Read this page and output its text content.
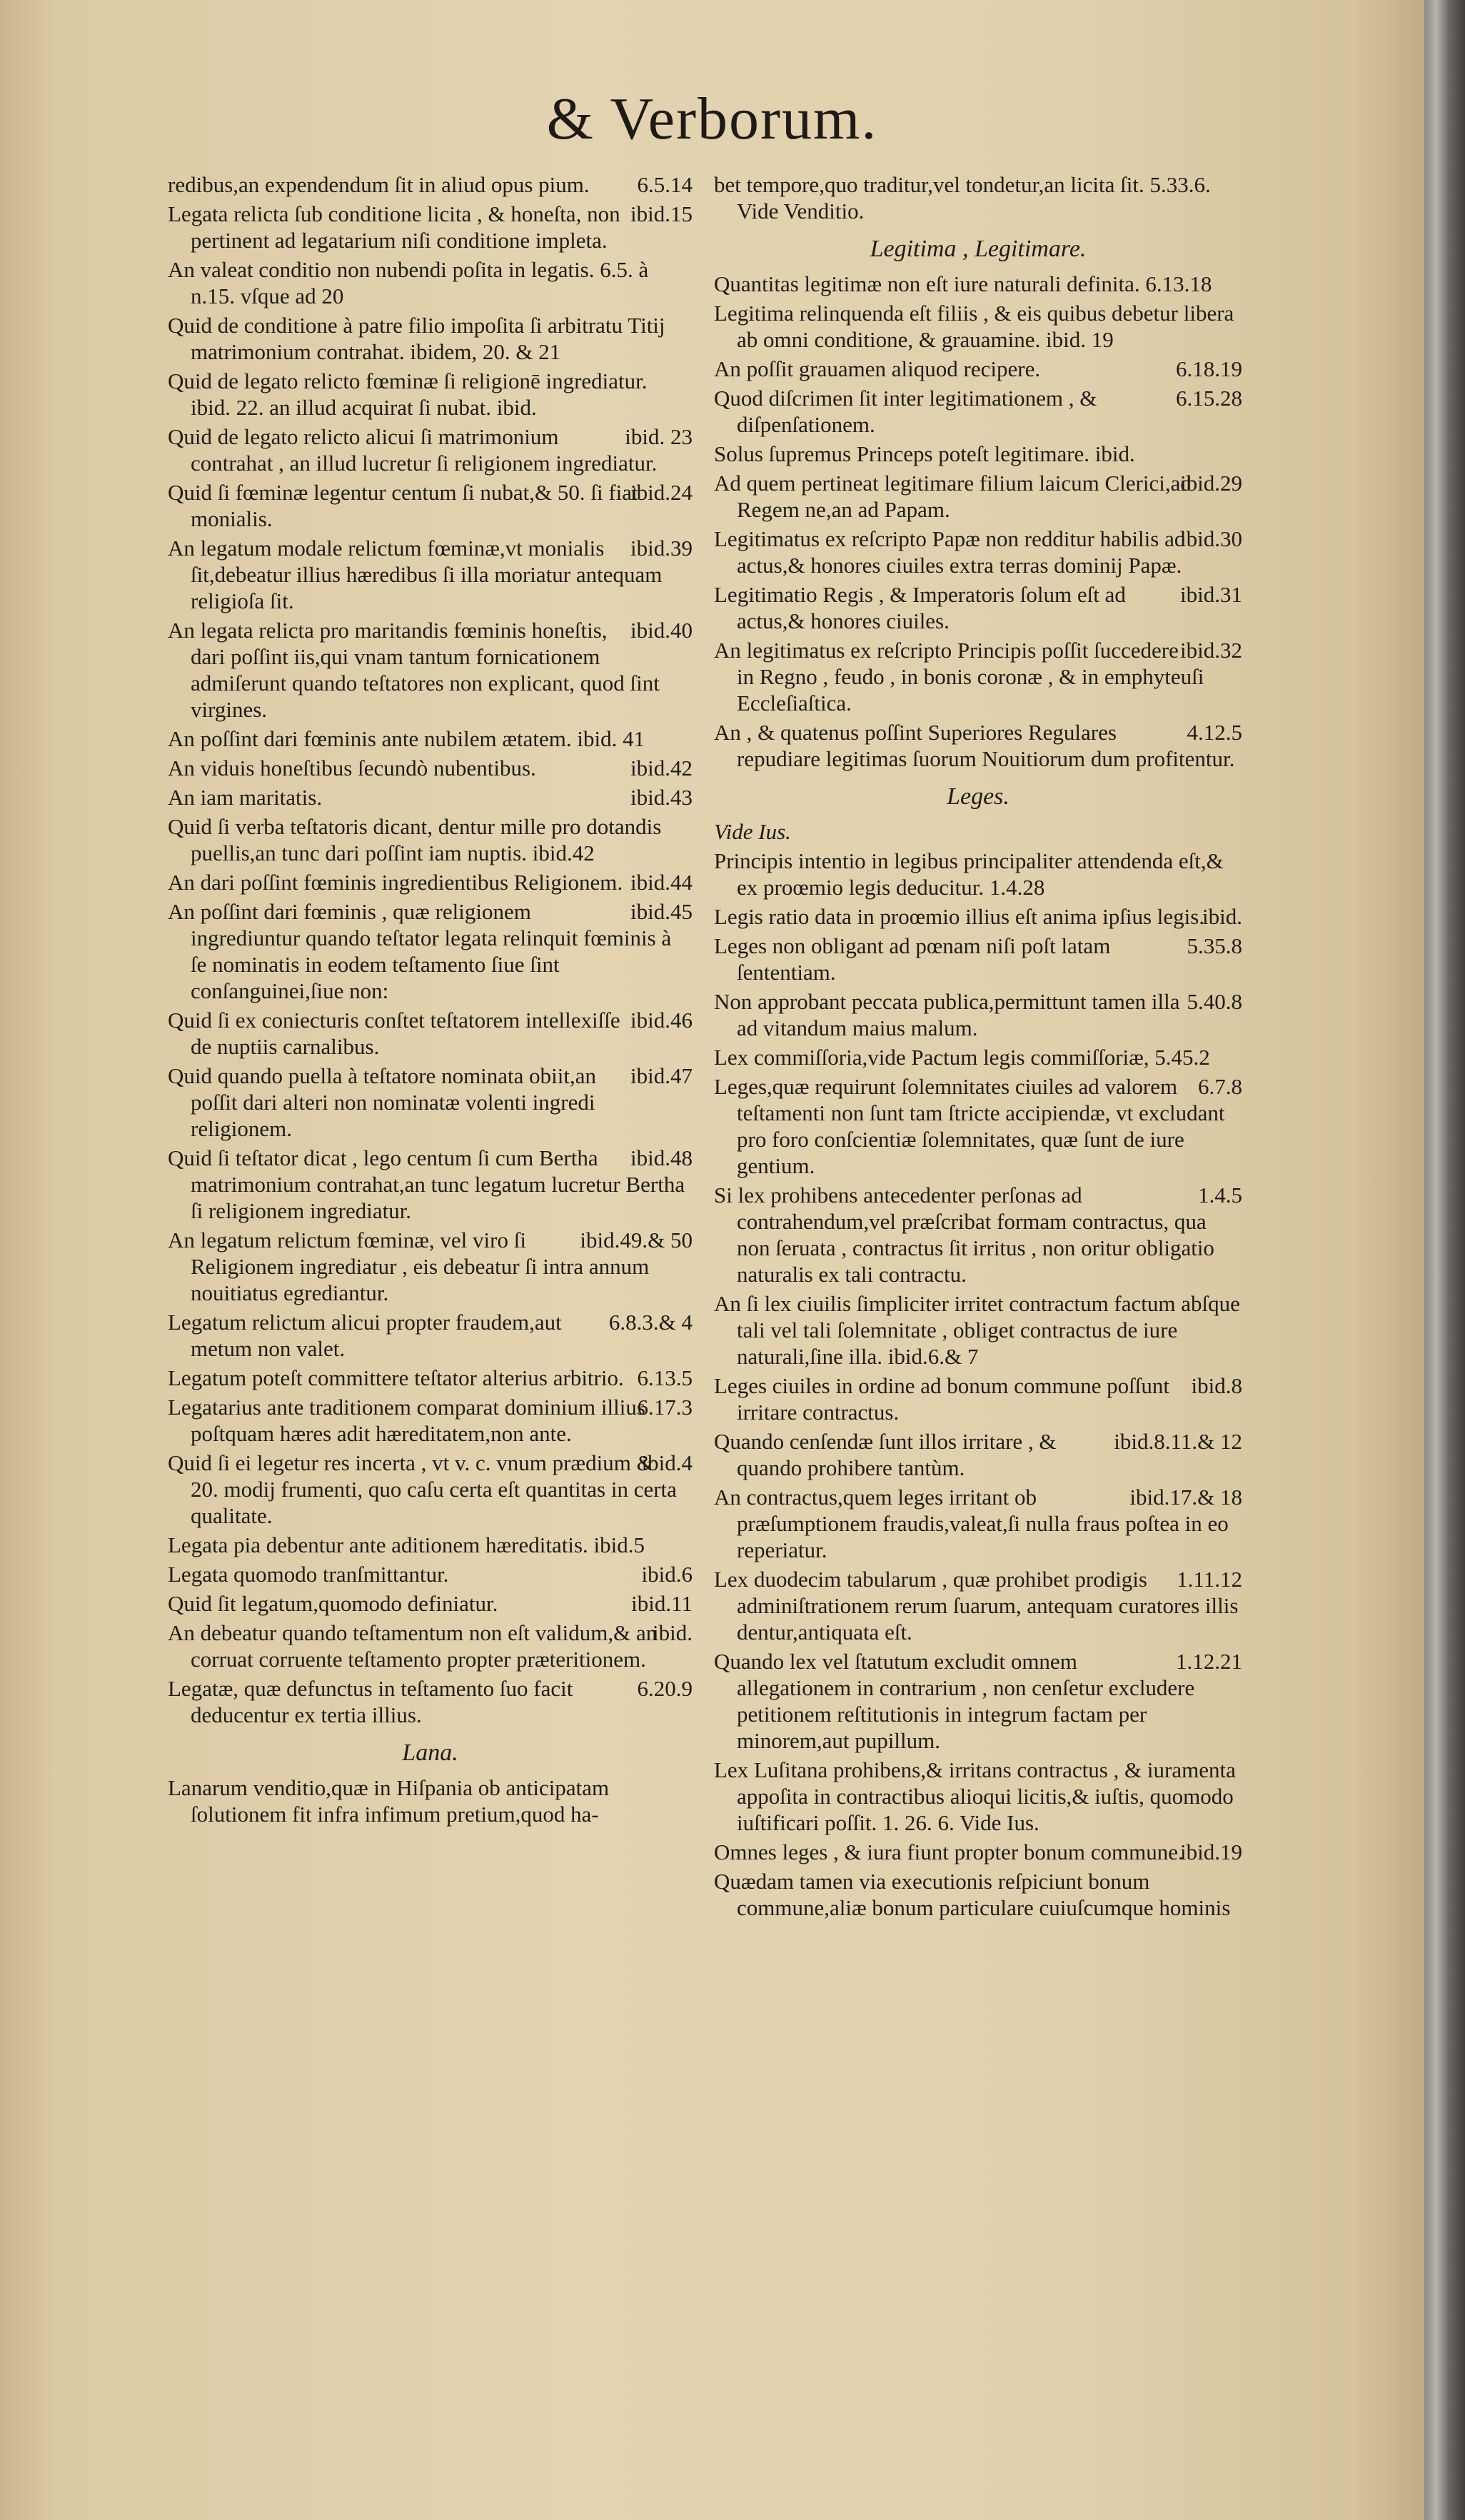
& Verborum.
6.5.14
redibus,an expendendum ſit in aliud opus pium.
ibid.15
Legata relicta ſub conditione licita , & honeſta, non pertinent ad legatarium niſi conditione impleta.
An valeat conditio non nubendi poſita in legatis. 6.5. à n.15. vſque ad 20
Quid de conditione à patre filio impoſita ſi arbitratu Titij matrimonium contrahat. ibidem, 20. & 21
Quid de legato relicto fœminæ ſi religionē ingrediatur. ibid. 22. an illud acquirat ſi nubat. ibid.
ibid. 23
Quid de legato relicto alicui ſi matrimonium contrahat , an illud lucretur ſi religionem ingrediatur.
ibid.24
Quid ſi fœminæ legentur centum ſi nubat,& 50. ſi fiat monialis.
ibid.39
An legatum modale relictum fœminæ,vt monialis ſit,debeatur illius hæredibus ſi illa moriatur antequam religioſa ſit.
ibid.40
An legata relicta pro maritandis fœminis honeſtis, dari poſſint iis,qui vnam tantum fornicationem admiſerunt quando teſtatores non explicant, quod ſint virgines.
An poſſint dari fœminis ante nubilem ætatem. ibid. 41
ibid.42
An viduis honeſtibus ſecundò nubentibus.
ibid.43
An iam maritatis.
Quid ſi verba teſtatoris dicant, dentur mille pro dotandis puellis,an tunc dari poſſint iam nuptis. ibid.42
ibid.44
An dari poſſint fœminis ingredientibus Religionem.
ibid.45
An poſſint dari fœminis , quæ religionem ingrediuntur quando teſtator legata relinquit fœminis à ſe nominatis in eodem teſtamento ſiue ſint conſanguinei,ſiue non:
ibid.46
Quid ſi ex coniecturis conſtet teſtatorem intellexiſſe de nuptiis carnalibus.
ibid.47
Quid quando puella à teſtatore nominata obiit,an poſſit dari alteri non nominatæ volenti ingredi religionem.
ibid.48
Quid ſi teſtator dicat , lego centum ſi cum Bertha matrimonium contrahat,an tunc legatum lucretur Bertha ſi religionem ingrediatur.
ibid.49.& 50
An legatum relictum fœminæ, vel viro ſi Religionem ingrediatur , eis debeatur ſi intra annum nouitiatus egrediantur.
6.8.3.& 4
Legatum relictum alicui propter fraudem,aut metum non valet.
6.13.5
Legatum poteſt committere teſtator alterius arbitrio.
6.17.3
Legatarius ante traditionem comparat dominium illius poſtquam hæres adit hæreditatem,non ante.
ibid.4
Quid ſi ei legetur res incerta , vt v. c. vnum prædium & 20. modij frumenti, quo caſu certa eſt quantitas in certa qualitate.
Legata pia debentur ante aditionem hæreditatis. ibid.5
ibid.6
Legata quomodo tranſmittantur.
ibid.11
Quid ſit legatum,quomodo definiatur.
ibid.
An debeatur quando teſtamentum non eſt validum,& an corruat corruente teſtamento propter præteritionem.
6.20.9
Legatæ, quæ defunctus in teſtamento ſuo facit deducentur ex tertia illius.
Lana.
Lanarum venditio,quæ in Hiſpania ob anticipatam ſolutionem fit infra infimum pretium,quod ha-
bet tempore,quo traditur,vel tondetur,an licita ſit. 5.33.6. Vide Venditio.
Legitima , Legitimare.
Quantitas legitimæ non eſt iure naturali definita. 6.13.18
Legitima relinquenda eſt filiis , & eis quibus debetur libera ab omni conditione, & grauamine. ibid. 19
6.18.19
An poſſit grauamen aliquod recipere.
6.15.28
Quod diſcrimen ſit inter legitimationem , & diſpenſationem.
Solus ſupremus Princeps poteſt legitimare. ibid.
ibid.29
Ad quem pertineat legitimare filium laicum Clerici,ad Regem ne,an ad Papam.
ibid.30
Legitimatus ex reſcripto Papæ non redditur habilis ad actus,& honores ciuiles extra terras dominij Papæ.
ibid.31
Legitimatio Regis , & Imperatoris ſolum eſt ad actus,& honores ciuiles.
ibid.32
An legitimatus ex reſcripto Principis poſſit ſuccedere in Regno , feudo , in bonis coronæ , & in emphyteuſi Eccleſiaſtica.
4.12.5
An , & quatenus poſſint Superiores Regulares repudiare legitimas ſuorum Nouitiorum dum profitentur.
Leges.
Vide Ius.
Principis intentio in legibus principaliter attendenda eſt,& ex proœmio legis deducitur. 1.4.28
ibid.
Legis ratio data in proœmio illius eſt anima ipſius legis.
5.35.8
Leges non obligant ad pœnam niſi poſt latam ſententiam.
5.40.8
Non approbant peccata publica,permittunt tamen illa ad vitandum maius malum.
Lex commiſſoria,vide Pactum legis commiſſoriæ, 5.45.2
6.7.8
Leges,quæ requirunt ſolemnitates ciuiles ad valorem teſtamenti non ſunt tam ſtricte accipiendæ, vt excludant pro foro conſcientiæ ſolemnitates, quæ ſunt de iure gentium.
1.4.5
Si lex prohibens antecedenter perſonas ad contrahendum,vel præſcribat formam contractus, qua non ſeruata , contractus ſit irritus , non oritur obligatio naturalis ex tali contractu.
An ſi lex ciuilis ſimpliciter irritet contractum factum abſque tali vel tali ſolemnitate , obliget contractus de iure naturali,ſine illa. ibid.6.& 7
ibid.8
Leges ciuiles in ordine ad bonum commune poſſunt irritare contractus.
ibid.8.11.& 12
Quando cenſendæ ſunt illos irritare , & quando prohibere tantùm.
ibid.17.& 18
An contractus,quem leges irritant ob præſumptionem fraudis,valeat,ſi nulla fraus poſtea in eo reperiatur.
1.11.12
Lex duodecim tabularum , quæ prohibet prodigis adminiſtrationem rerum ſuarum, antequam curatores illis dentur,antiquata eſt.
1.12.21
Quando lex vel ſtatutum excludit omnem allegationem in contrarium , non cenſetur excludere petitionem reſtitutionis in integrum factam per minorem,aut pupillum.
Lex Luſitana prohibens,& irritans contractus , & iuramenta appoſita in contractibus alioqui licitis,& iuſtis, quomodo iuſtificari poſſit. 1. 26. 6. Vide Ius.
ibid.19
Omnes leges , & iura fiunt propter bonum commune.
Quædam tamen via executionis reſpiciunt bonum commune,aliæ bonum particulare cuiuſcumque hominis
